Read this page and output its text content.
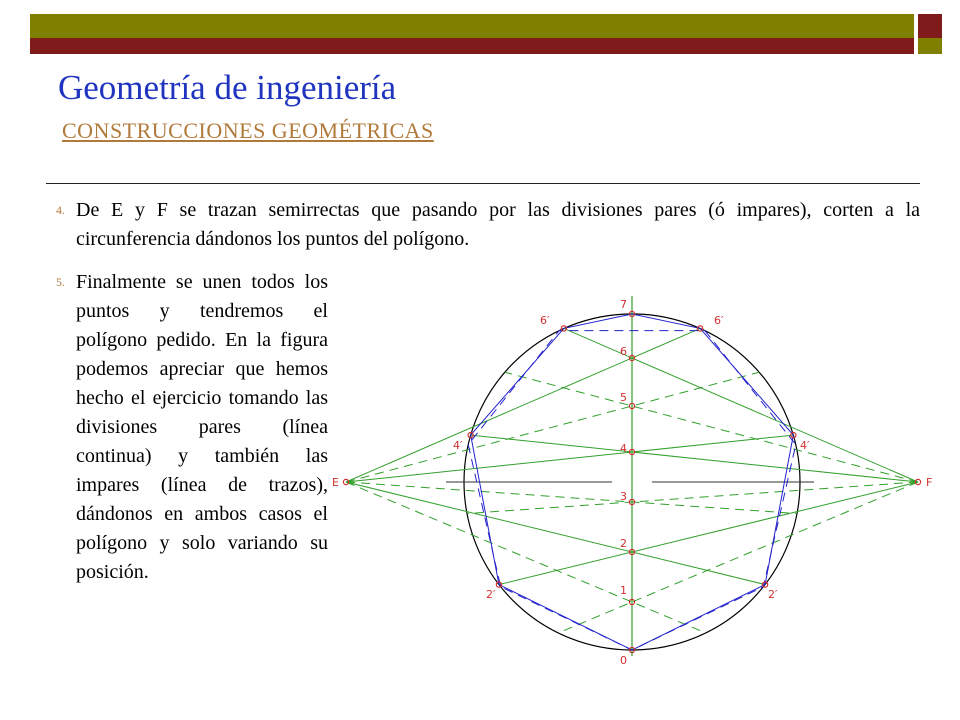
Geometría de ingeniería
CONSTRUCCIONES GEOMÉTRICAS
4. De E y F se trazan semirrectas que pasando por las divisiones pares (ó impares), corten a la circunferencia dándonos los puntos del polígono.
5. Finalmente se unen todos los puntos y tendremos el polígono pedido. En la figura podemos apreciar que hemos hecho el ejercicio tomando las divisiones pares (línea continua) y también las impares (línea de trazos), dándonos en ambos casos el polígono y solo variando su posición.
7
6
5
4
3
2
1
0
E	F
6′	6′
4′	4′
2′	2′
